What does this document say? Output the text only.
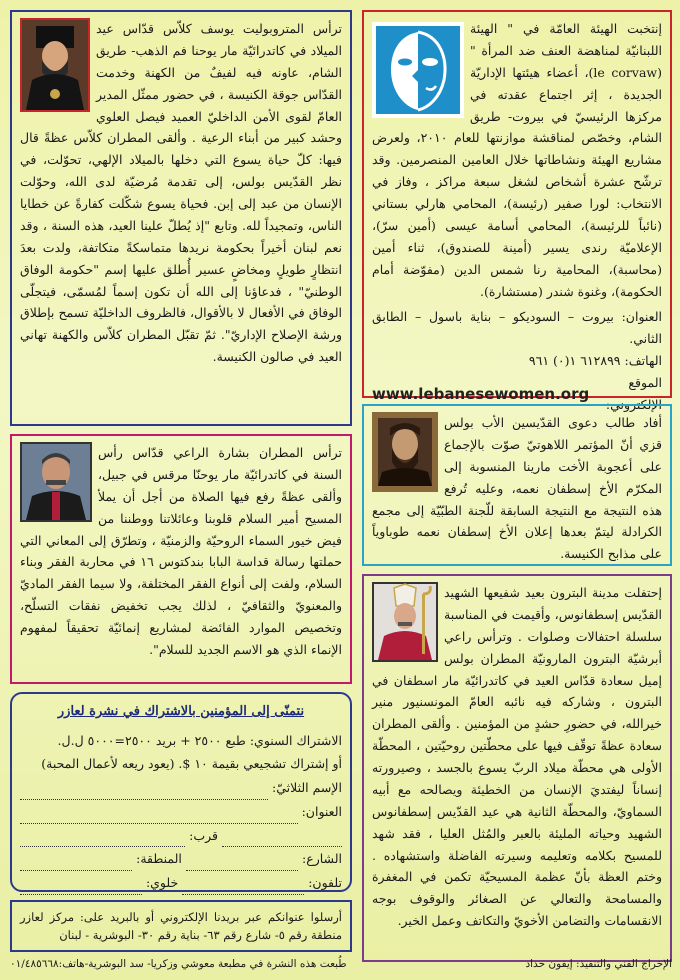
إنتخبت الهيئة العامّة في " الهيئة اللبنانيّة لمناهضة العنف ضد المرأة " (le corvaw)، أعضاء هيئتها الإداريّة الجديدة ، إثر اجتماع عقدته في مركزها الرئيسيّ في بيروت- طريق الشام، وخصّص لمناقشة موازنتها للعام ٢٠١٠، ولعرض مشاريع الهيئة ونشاطاتها خلال العامين المنصرمين. وقد ترشّح عشرة أشخاص لشغل سبعة مراكز ، وفاز في الانتخاب: لورا صفير (رئيسة)، المحامي هارلي بستاني (نائباً للرئيسة)، المحامي أسامة عيسى (أمين سرّ)، الإعلاميّة رندى يسير (أمينة للصندوق)، ثناء أمين (محاسبة)، المحامية رنا شمس الدين (مفوّضة أمام الحكومة)، وغنوة شندر (مستشارة).

العنوان: بيروت – السوديكو – بناية باسول – الطابق الثاني.

الهاتف: ٦١٢٨٩٩ ١(٠) ٩٦١

الموقع الإلكتروني:
www.lebanesewomen.org

ترأس المتروبوليت يوسف كلاّس قدّاس عيد الميلاد في كاتدرائيّة مار يوحنا فم الذهب- طريق الشام، عاونه فيه لفيفٌ من الكهنة وخدمت القدّاس جوقة الكنيسة ، في حضور ممثّل المدير العامّ لقوى الأمن الداخليّ العميد فيصل العلوي وحشد كبير من أبناء الرعية . وألقى المطران كلاّس عظةً قال فيها: كلّ حياة يسوع التي دخلها بالميلاد الإلهي، تحوّلت، في نظر القدّيس بولس، إلى تقدمة مُرضيّة لدى الله، وحوّلت الإنسان من عبد إلى إبن. فحياة يسوع شكّلت كفارةً عن خطايا الناس، وتمجيداً لله. وتابع "إذ يُطلّ علينا العيد، هذه السنة ، وقد نعم لبنان أخيراً بحكومة نريدها متماسكةً متكاتفة، ولدت بعدَ انتظارٍ طويلٍ ومخاضٍ عسير أُطلق عليها إسم "حكومة الوفاق الوطنيّ" ، فدعاؤنا إلى الله أن تكون إسماً لمُسمّى، فيتجلّى الوفاق في الأفعال لا بالأقوال، فالظروف الداخليّة تسمح بإطلاق ورشة الإصلاح الإداريّ". ثمّ تقبّل المطران كلاّس والكهنة تهاني العيد في صالون الكنيسة.

ترأس المطران بشارة الراعي قدّاس رأس السنة في كاتدرائيّة مار يوحنّا مرقس في جبيل، وألقى عظةً رفع فيها الصلاة من أجل أن يملأ المسيح أمير السلام قلوبنا وعائلاتنا ووطننا من فيض خيور السماء الروحيّة والزمنيّة ، وتطرّق إلى المعاني التي حملتها رسالة قداسة البابا بندكتوس ١٦ في محاربة الفقر وبناء السلام، ولفت إلى أنواع الفقر المختلفة، ولا سيما الفقر الماديّ والمعنويّ والثقافيّ ، لذلك يجب تخفيض نفقات التسلّح، وتخصيص الموارد الفائضة لمشاريع إنمائيّة تحقيقاً لمفهوم الإنماء الذي هو الاسم الجديد للسلام".

أفاد طالب دعوى القدّيسين الأب بولس قزي أنّ المؤتمر اللاهوتيّ صوّت بالإجماع على أعجوبة الأخت مارينا المنسوبة إلى المكرّم الأخ إسطفان نعمه، وعليه تُرفع هذه النتيجة مع النتيجة السابقة للّجنة الطبّيّة إلى مجمع الكرادلة ليتمّ بعدها إعلان الأخ إسطفان نعمه طوباوياً على مذابح الكنيسة.

إحتفلت مدينة البترون بعيد شفيعها الشهيد القدّيس إسطفانوس، وأقيمت في المناسبة سلسلة احتفالات وصلوات . وترأس راعي أبرشيّة البترون المارونيّة المطران بولس إميل سعادة قدّاس العيد في كاتدرائيّة مار اسطفان في البترون ، وشاركه فيه نائبه العامّ المونسنيور منير خيرالله، في حضورِ حشدٍ من المؤمنين . وألقى المطران سعادة عظةً توقّف فيها على محطّتين روحيّتين ، المحطّة الأولى هي محطّة ميلاد الربّ يسوع بالجسد ، وصيرورته إنساناً ليفتديَ الإنسان من الخطيئة ويصالحه مع أبيه السماويّ، والمحطّة الثانية هي عيد القدّيس إسطفانوس الشهيد وحياته المليئة بالعبر والمُثل العليا ، فقد شهد للمسيح بكلامه وتعليمه وسيرته الفاضلة واستشهاده . وختم العظة بأنّ عظمة المسيحيّة تكمن في المغفرة والمسامحة والتعالي عن الصغائر والوقوف بوجه الانقسامات والتضامن الأخويّ والتكاتف وعمل الخير.

نتمنّى إلى المؤمنين بالاشتراك في نشرة لعازر

الاشتراك السنوي: طبع ٢٥٠٠ + بريد ٢٥٠٠=٥٠٠٠ ل.ل.

أو إشتراك تشجيعي بقيمة ١٠ $. (يعود ريعه لأعمال المحبة)

الإسم الثلاثيّ:
العنوان:
قرب:
الشارع:
المنطقة:
تلفون:
خلوي:

أرسلوا عنوانكم عبر بريدنا الإلكتروني أو بالبريد على: مركز لعازر منطقة رقم ٥- شارع رقم ٦٣- بناية رقم ٣٠- البوشرية - لبنان

الإخراج الفني والتنفيذ: إيفون حداد
طُبعت هذه النشرة في مطبعة معوشي وزكريا- سد البوشرية-هاتف:٠١/٤٨٥٦٦٨
